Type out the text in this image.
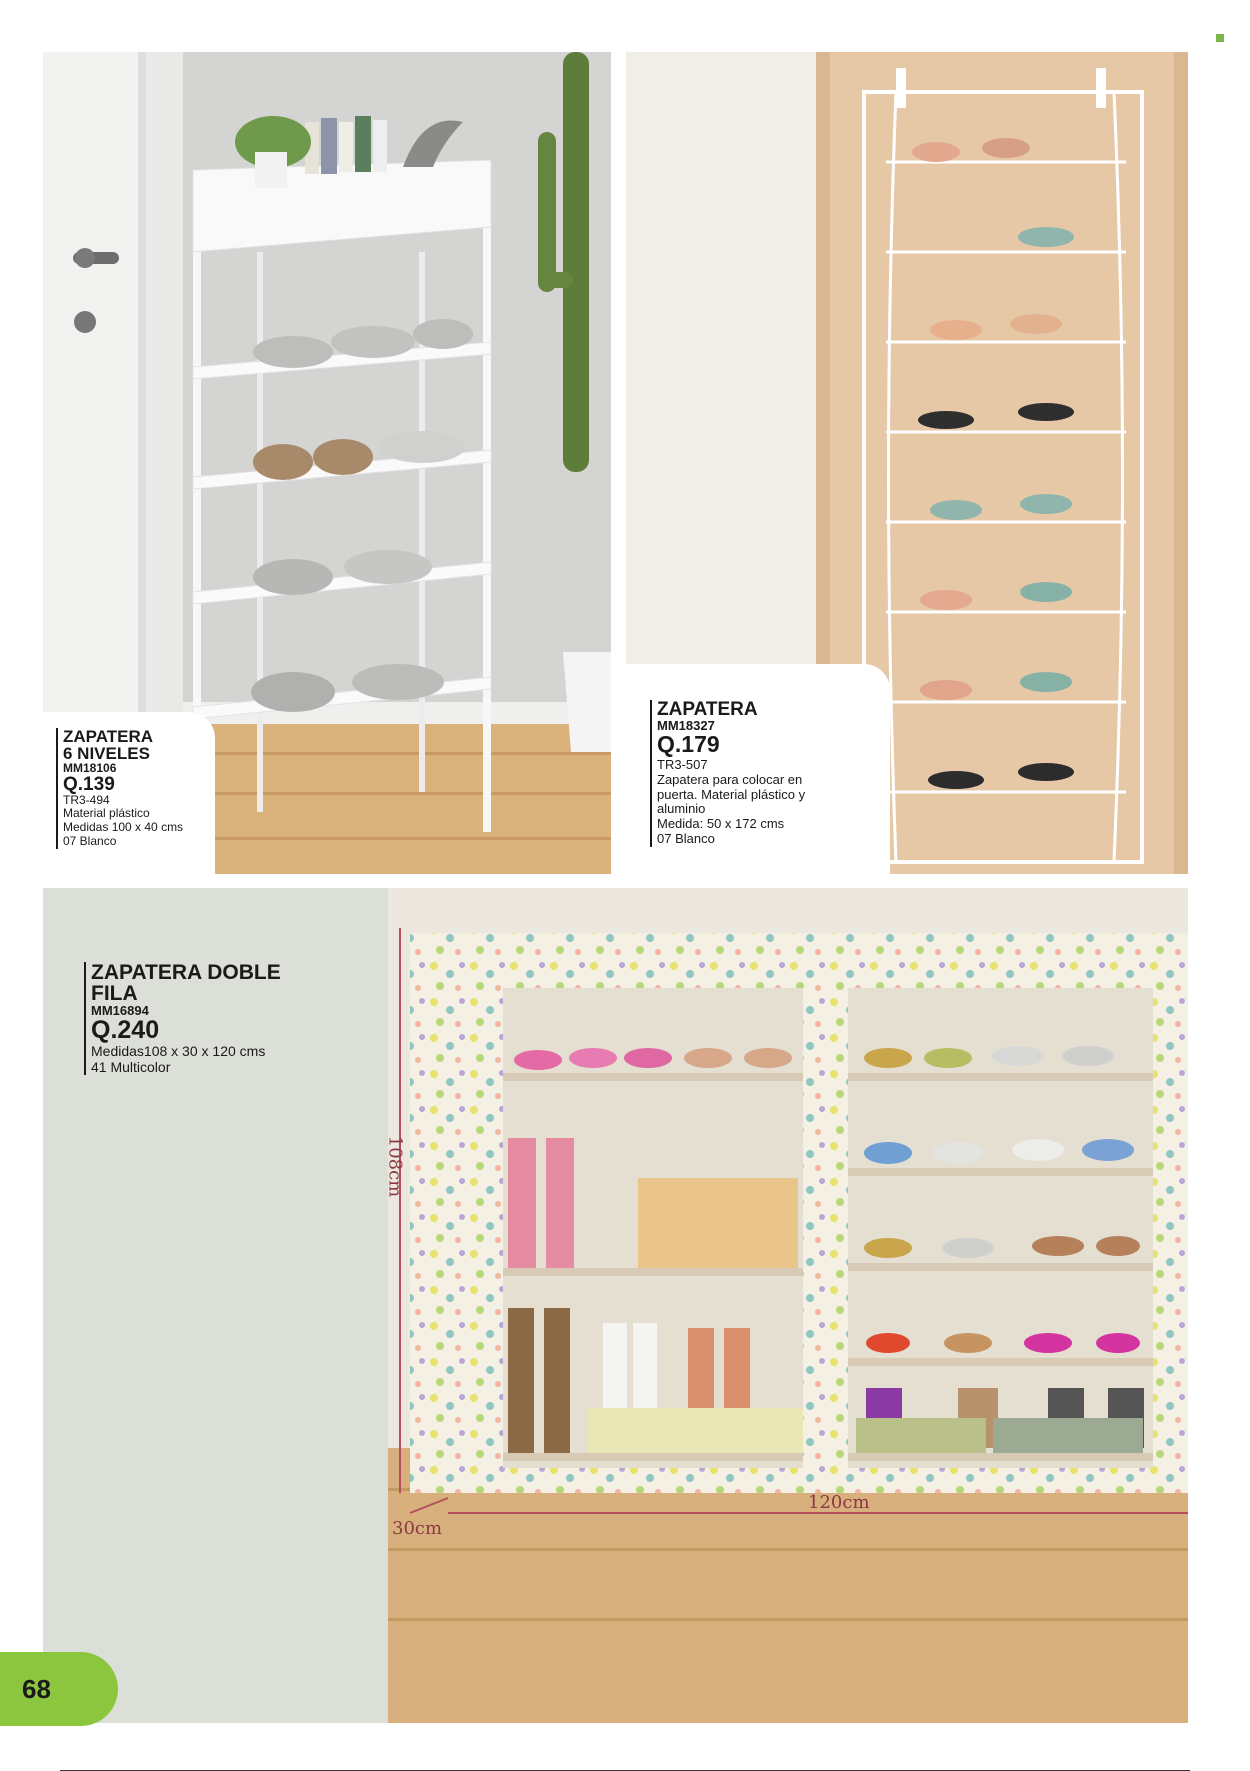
ZAPATERA
6 NIVELES
MM18106
Q.139
TR3-494
Material plástico
Medidas 100 x 40 cms
07 Blanco
ZAPATERA
MM18327
Q.179
TR3-507
Zapatera para colocar en
puerta. Material plástico y
aluminio
Medida: 50 x 172 cms
07 Blanco
108cm
30cm
120cm
ZAPATERA DOBLE
FILA
MM16894
Q.240
Medidas108 x 30 x 120 cms
41 Multicolor
68
